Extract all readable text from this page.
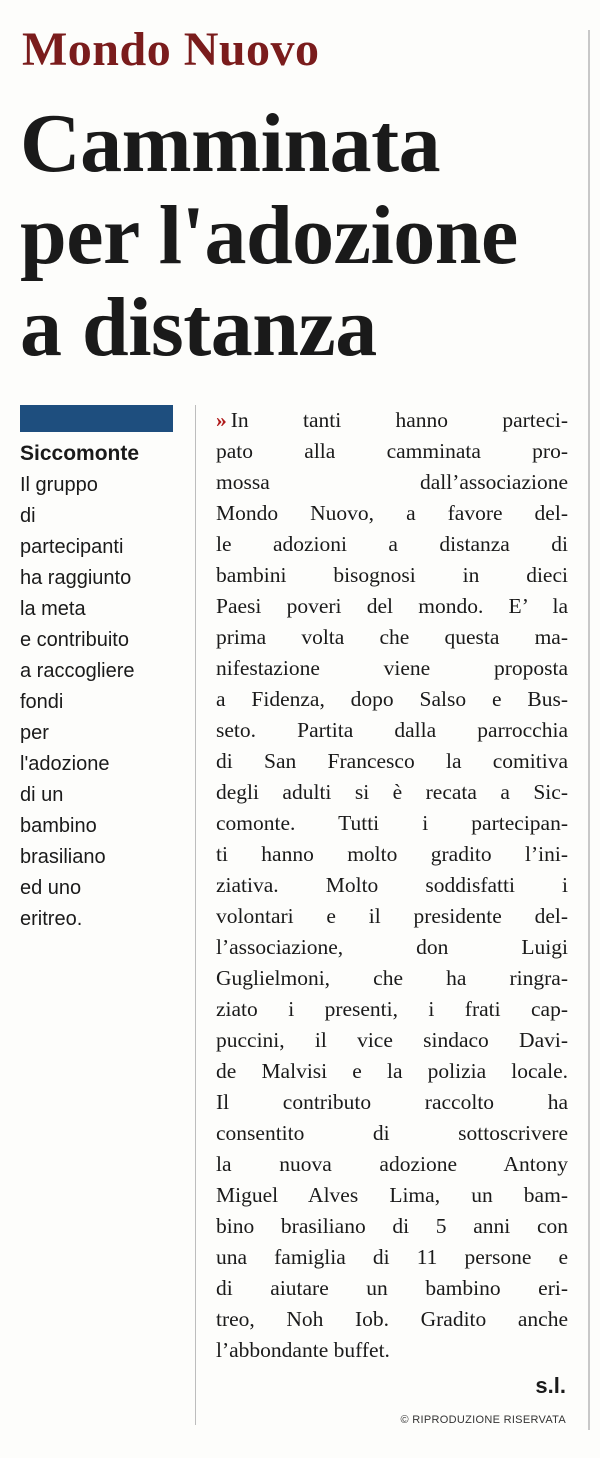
Mondo Nuovo
Camminata
per l'adozione
a distanza

Siccomonte

Il gruppo
di
partecipanti
ha raggiunto
la meta
e contribuito
a raccogliere
fondi
per
l'adozione
di un
bambino
brasiliano
ed uno
eritreo.

» In tanti hanno parteci-
pato alla camminata pro-
mossa dall’associazione
Mondo Nuovo, a favore del-
le adozioni a distanza di
bambini bisognosi in dieci
Paesi poveri del mondo. E’ la
prima volta che questa ma-
nifestazione viene proposta
a Fidenza, dopo Salso e Bus-
seto. Partita dalla parrocchia
di San Francesco la comitiva
degli adulti si è recata a Sic-
comonte. Tutti i partecipan-
ti hanno molto gradito l’ini-
ziativa. Molto soddisfatti i
volontari e il presidente del-
l’associazione, don Luigi
Guglielmoni, che ha ringra-
ziato i presenti, i frati cap-
puccini, il vice sindaco Davi-
de Malvisi e la polizia locale.
Il contributo raccolto ha
consentito di sottoscrivere
la nuova adozione Antony
Miguel Alves Lima, un bam-
bino brasiliano di 5 anni con
una famiglia di 11 persone e
di aiutare un bambino eri-
treo, Noh Iob. Gradito anche
l’abbondante buffet.

s.l.
© RIPRODUZIONE RISERVATA
